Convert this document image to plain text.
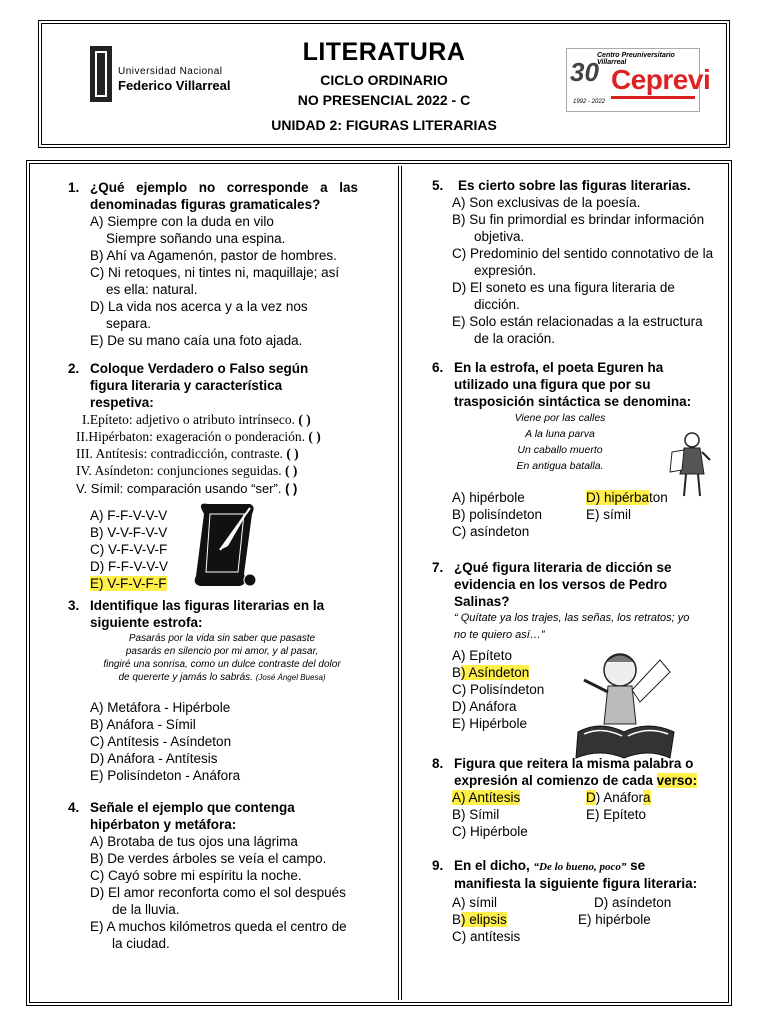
Universidad Nacional
Federico Villarreal
LITERATURA
CICLO ORDINARIO
NO PRESENCIAL 2022 - C
UNIDAD 2: FIGURAS LITERARIAS
Centro Preuniversitario Villarreal
30 Ceprevi
1992 - 2022
1. ¿Qué ejemplo no corresponde a las
denominadas figuras gramaticales?
A) Siempre con la duda en vilo
Siempre soñando una espina.
B) Ahí va Agamenón, pastor de hombres.
C) Ni retoques, ni tintes ni, maquillaje; así
es ella: natural.
D) La vida nos acerca y a la vez nos
separa.
E) De su mano caía una foto ajada.
2. Coloque Verdadero o Falso según
figura literaria y característica
respetiva:
I.Epíteto: adjetivo o atributo intrínseco. ( )
II.Hipérbaton: exageración o ponderación. ( )
III. Antítesis: contradicción, contraste. ( )
IV. Asíndeton: conjunciones seguidas. ( )
V. Símil: comparación usando “ser”. ( )
A) F-F-V-V-V
B) V-V-F-V-V
C) V-F-V-V-F
D) F-F-V-V-V
E) V-F-V-F-F
3. Identifique las figuras literarias en la
siguiente estrofa:
Pasarás por la vida sin saber que pasaste
pasarás en silencio por mi amor, y al pasar,
fingiré una sonrisa, como un dulce contraste del dolor
de quererte y jamás lo sabrás. (José Ángel Buesa)
A) Metáfora - Hipérbole
B) Anáfora - Símil
C) Antítesis - Asíndeton
D) Anáfora - Antítesis
E) Polisíndeton - Anáfora
4. Señale el ejemplo que contenga
hipérbaton y metáfora:
A) Brotaba de tus ojos una lágrima
B) De verdes árboles se veía el campo.
C) Cayó sobre mi espíritu la noche.
D) El amor reconforta como el sol después
de la lluvia.
E) A muchos kilómetros queda el centro de
la ciudad.
5. Es cierto sobre las figuras literarias.
A) Son exclusivas de la poesía.
B) Su fin primordial es brindar información
objetiva.
C) Predominio del sentido connotativo de la
expresión.
D) El soneto es una figura literaria de
dicción.
E) Solo están relacionadas a la estructura
de la oración.
6. En la estrofa, el poeta Eguren ha
utilizado una figura que por su
trasposición sintáctica se denomina:
Viene por las calles
A la luna parva
Un caballo muerto
En antigua batalla.
A) hipérbole
B) polisíndeton
C) asíndeton
D) hipérbaton
E) símil
7. ¿Qué figura literaria de dicción se
evidencia en los versos de Pedro
Salinas?
“ Quítate ya los trajes, las señas, los retratos; yo
no te quiero así…”
A) Epíteto
B) Asíndeton
C) Polisíndeton
D) Anáfora
E) Hipérbole
8. Figura que reitera la misma palabra o
expresión al comienzo de cada verso:
A) Antítesis
B) Símil
C) Hipérbole
D) Anáfora
E) Epíteto
9. En el dicho, “De lo bueno, poco” se
manifiesta la siguiente figura literaria:
A) símil
B) elipsis
C) antítesis
D) asíndeton
E) hipérbole
